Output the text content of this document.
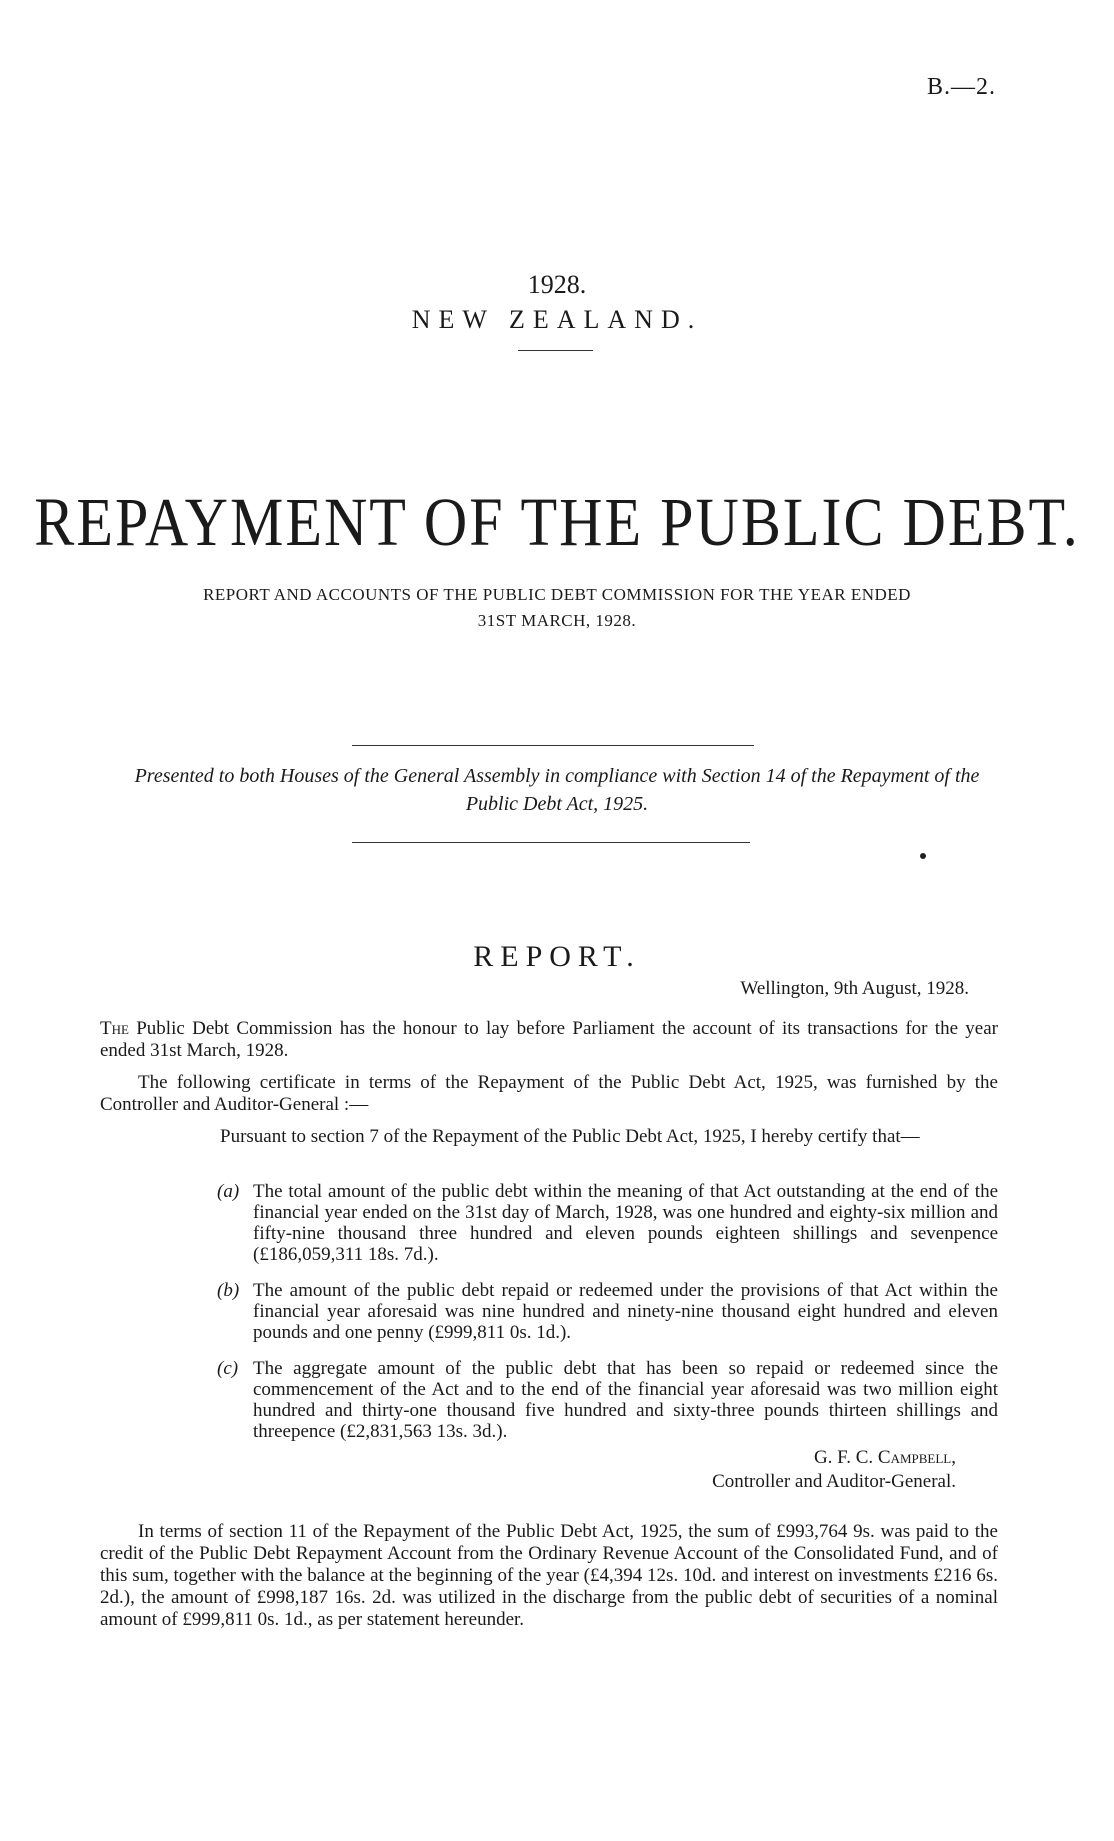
B.—2.
1928.
NEW ZEALAND.
REPAYMENT OF THE PUBLIC DEBT.
REPORT AND ACCOUNTS OF THE PUBLIC DEBT COMMISSION FOR THE YEAR ENDED
31ST MARCH, 1928.
Presented to both Houses of the General Assembly in compliance with Section 14 of the Repayment of the
Public Debt Act, 1925.
REPORT.
Wellington, 9th August, 1928.
The Public Debt Commission has the honour to lay before Parliament the account of its transactions for the year ended 31st March, 1928.
The following certificate in terms of the Repayment of the Public Debt Act, 1925, was furnished by the Controller and Auditor-General :—
Pursuant to section 7 of the Repayment of the Public Debt Act, 1925, I hereby certify that—
(a) The total amount of the public debt within the meaning of that Act outstanding at the end of the financial year ended on the 31st day of March, 1928, was one hundred and eighty-six million and fifty-nine thousand three hundred and eleven pounds eighteen shillings and sevenpence (£186,059,311 18s. 7d.).
(b) The amount of the public debt repaid or redeemed under the provisions of that Act within the financial year aforesaid was nine hundred and ninety-nine thousand eight hundred and eleven pounds and one penny (£999,811 0s. 1d.).
(c) The aggregate amount of the public debt that has been so repaid or redeemed since the commencement of the Act and to the end of the financial year aforesaid was two million eight hundred and thirty-one thousand five hundred and sixty-three pounds thirteen shillings and threepence (£2,831,563 13s. 3d.).
G. F. C. Campbell,
Controller and Auditor-General.
In terms of section 11 of the Repayment of the Public Debt Act, 1925, the sum of £993,764 9s. was paid to the credit of the Public Debt Repayment Account from the Ordinary Revenue Account of the Consolidated Fund, and of this sum, together with the balance at the beginning of the year (£4,394 12s. 10d. and interest on investments £216 6s. 2d.), the amount of £998,187 16s. 2d. was utilized in the discharge from the public debt of securities of a nominal amount of £999,811 0s. 1d., as per statement hereunder.
